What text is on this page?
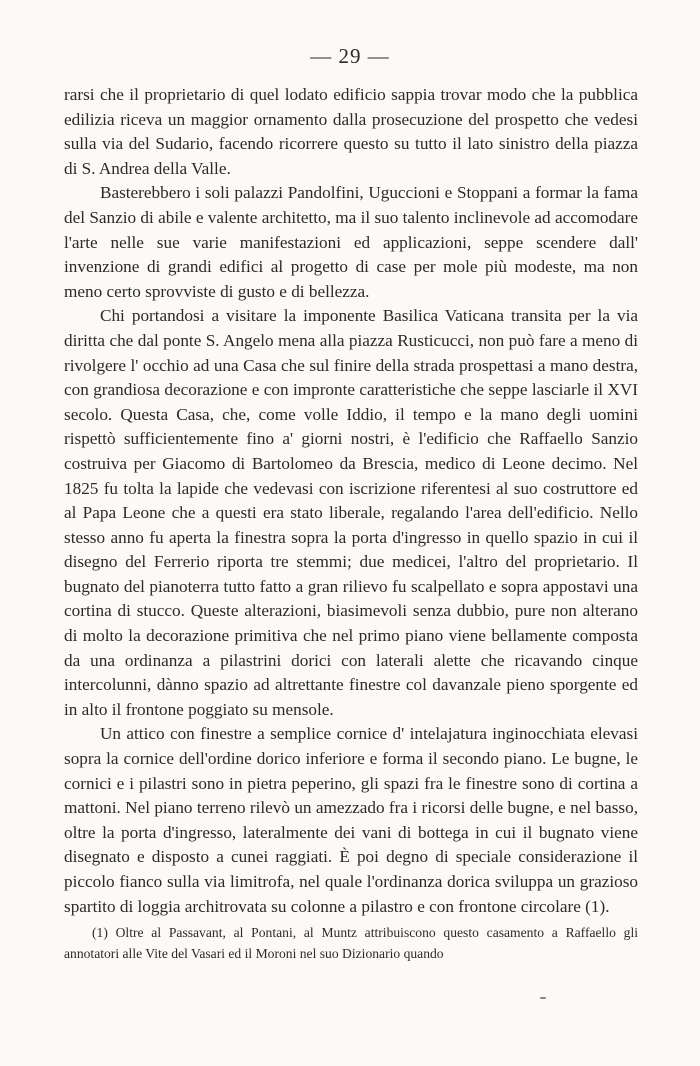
— 29 —

rarsi che il proprietario di quel lodato edificio sappia trovar modo che la pubblica edilizia riceva un maggior ornamento dalla prosecuzione del prospetto che vedesi sulla via del Sudario, facendo ricorrere questo su tutto il lato sinistro della piazza di S. Andrea della Valle.

Basterebbero i soli palazzi Pandolfini, Uguccioni e Stoppani a formar la fama del Sanzio di abile e valente architetto, ma il suo talento inclinevole ad accomodare l'arte nelle sue varie manifestazioni ed applicazioni, seppe scendere dall' invenzione di grandi edifici al progetto di case per mole più modeste, ma non meno certo sprovviste di gusto e di bellezza.

Chi portandosi a visitare la imponente Basilica Vaticana transita per la via diritta che dal ponte S. Angelo mena alla piazza Rusticucci, non può fare a meno di rivolgere l' occhio ad una Casa che sul finire della strada prospettasi a mano destra, con grandiosa decorazione e con impronte caratteristiche che seppe lasciarle il XVI secolo. Questa Casa, che, come volle Iddio, il tempo e la mano degli uomini rispettò sufficientemente fino a' giorni nostri, è l'edificio che Raffaello Sanzio costruiva per Giacomo di Bartolomeo da Brescia, medico di Leone decimo. Nel 1825 fu tolta la lapide che vedevasi con iscrizione riferentesi al suo costruttore ed al Papa Leone che a questi era stato liberale, regalando l'area dell'edificio. Nello stesso anno fu aperta la finestra sopra la porta d'ingresso in quello spazio in cui il disegno del Ferrerio riporta tre stemmi; due medicei, l'altro del proprietario. Il bugnato del pianoterra tutto fatto a gran rilievo fu scalpellato e sopra appostavi una cortina di stucco. Queste alterazioni, biasimevoli senza dubbio, pure non alterano di molto la decorazione primitiva che nel primo piano viene bellamente composta da una ordinanza a pilastrini dorici con laterali alette che ricavando cinque intercolunni, dànno spazio ad altrettante finestre col davanzale pieno sporgente ed in alto il frontone poggiato su mensole.

Un attico con finestre a semplice cornice d' intelajatura inginocchiata elevasi sopra la cornice dell'ordine dorico inferiore e forma il secondo piano. Le bugne, le cornici e i pilastri sono in pietra peperino, gli spazi fra le finestre sono di cortina a mattoni. Nel piano terreno rilevò un amezzado fra i ricorsi delle bugne, e nel basso, oltre la porta d'ingresso, lateralmente dei vani di bottega in cui il bugnato viene disegnato e disposto a cunei raggiati. È poi degno di speciale considerazione il piccolo fianco sulla via limitrofa, nel quale l'ordinanza dorica sviluppa un grazioso spartito di loggia architrovata su colonne a pilastro e con frontone circolare (1).

(1) Oltre al Passavant, al Pontani, al Muntz attribuiscono questo casamento a Raffaello gli annotatori alle Vite del Vasari ed il Moroni nel suo Dizionario quando
